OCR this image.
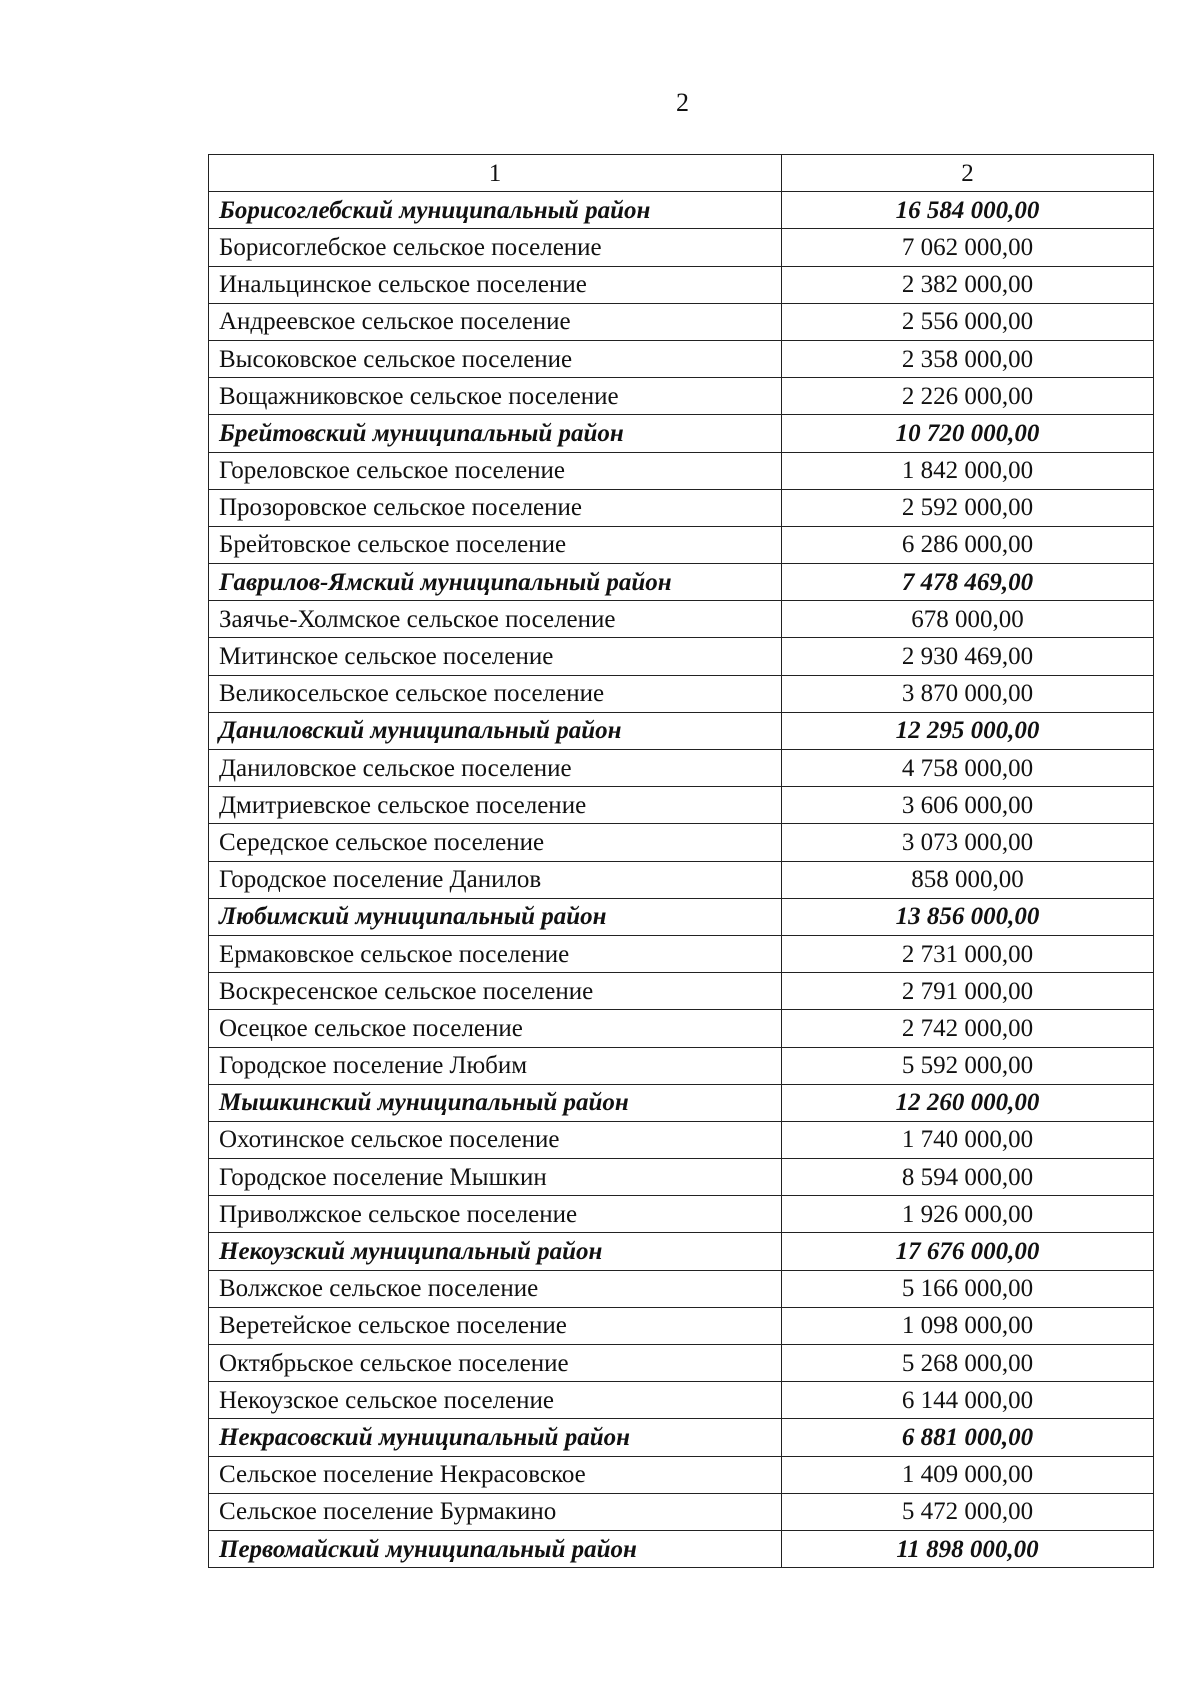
2
1	2
Борисоглебский муниципальный район	16 584 000,00
Борисоглебское сельское поселение	7 062 000,00
Инальцинское сельское поселение	2 382 000,00
Андреевское сельское поселение	2 556 000,00
Высоковское сельское поселение	2 358 000,00
Вощажниковское сельское поселение	2 226 000,00
Брейтовский муниципальный район	10 720 000,00
Гореловское сельское поселение	1 842 000,00
Прозоровское сельское поселение	2 592 000,00
Брейтовское сельское поселение	6 286 000,00
Гаврилов-Ямский муниципальный район	7 478 469,00
Заячье-Холмское сельское поселение	678 000,00
Митинское сельское поселение	2 930 469,00
Великосельское сельское поселение	3 870 000,00
Даниловский муниципальный район	12 295 000,00
Даниловское сельское поселение	4 758 000,00
Дмитриевское сельское поселение	3 606 000,00
Середское сельское поселение	3 073 000,00
Городское поселение Данилов	858 000,00
Любимский муниципальный район	13 856 000,00
Ермаковское сельское поселение	2 731 000,00
Воскресенское сельское поселение	2 791 000,00
Осецкое сельское поселение	2 742 000,00
Городское поселение Любим	5 592 000,00
Мышкинский муниципальный район	12 260 000,00
Охотинское сельское поселение	1 740 000,00
Городское поселение Мышкин	8 594 000,00
Приволжское сельское поселение	1 926 000,00
Некоузский муниципальный район	17 676 000,00
Волжское сельское поселение	5 166 000,00
Веретейское сельское поселение	1 098 000,00
Октябрьское сельское поселение	5 268 000,00
Некоузское сельское поселение	6 144 000,00
Некрасовский муниципальный район	6 881 000,00
Сельское поселение Некрасовское	1 409 000,00
Сельское поселение Бурмакино	5 472 000,00
Первомайский муниципальный район	11 898 000,00
